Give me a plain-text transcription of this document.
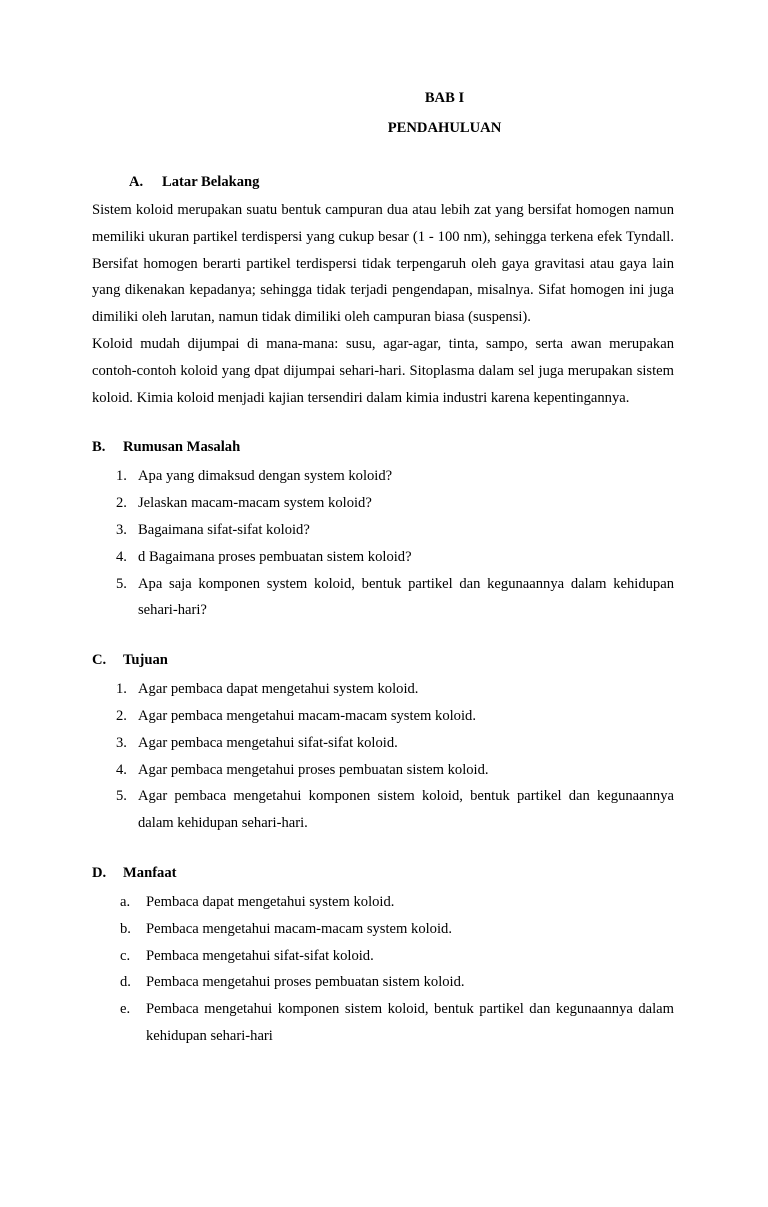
BAB I

PENDAHULUAN

A.	Latar Belakang

Sistem koloid merupakan suatu bentuk campuran dua atau lebih zat yang bersifat homogen namun memiliki ukuran partikel terdispersi yang cukup besar (1 - 100 nm), sehingga terkena efek Tyndall. Bersifat homogen berarti partikel terdispersi tidak terpengaruh oleh gaya gravitasi atau gaya lain yang dikenakan kepadanya; sehingga tidak terjadi pengendapan, misalnya. Sifat homogen ini juga dimiliki oleh larutan, namun tidak dimiliki oleh campuran biasa (suspensi).

Koloid mudah dijumpai di mana-mana: susu, agar-agar, tinta, sampo, serta awan merupakan contoh-contoh koloid yang dpat dijumpai sehari-hari. Sitoplasma dalam sel juga merupakan sistem koloid. Kimia koloid menjadi kajian tersendiri dalam kimia industri karena kepentingannya.

B.	Rumusan Masalah
1. Apa yang dimaksud dengan system koloid?
2. Jelaskan macam-macam system koloid?
3. Bagaimana sifat-sifat koloid?
4. d Bagaimana proses pembuatan sistem koloid?
5. Apa saja komponen system koloid, bentuk partikel dan kegunaannya dalam kehidupan sehari-hari?
C.	Tujuan
1. Agar pembaca dapat mengetahui system koloid.
2. Agar pembaca mengetahui macam-macam system koloid.
3. Agar pembaca mengetahui sifat-sifat koloid.
4. Agar pembaca mengetahui proses pembuatan sistem koloid.
5. Agar pembaca mengetahui komponen sistem koloid, bentuk partikel dan kegunaannya dalam kehidupan sehari-hari.
D.	Manfaat
a.	Pembaca dapat mengetahui system koloid.
b.	Pembaca mengetahui macam-macam system koloid.
c.	Pembaca mengetahui sifat-sifat koloid.
d.	Pembaca mengetahui proses pembuatan sistem koloid.
e.	Pembaca mengetahui komponen sistem koloid, bentuk partikel dan kegunaannya dalam kehidupan sehari-hari
